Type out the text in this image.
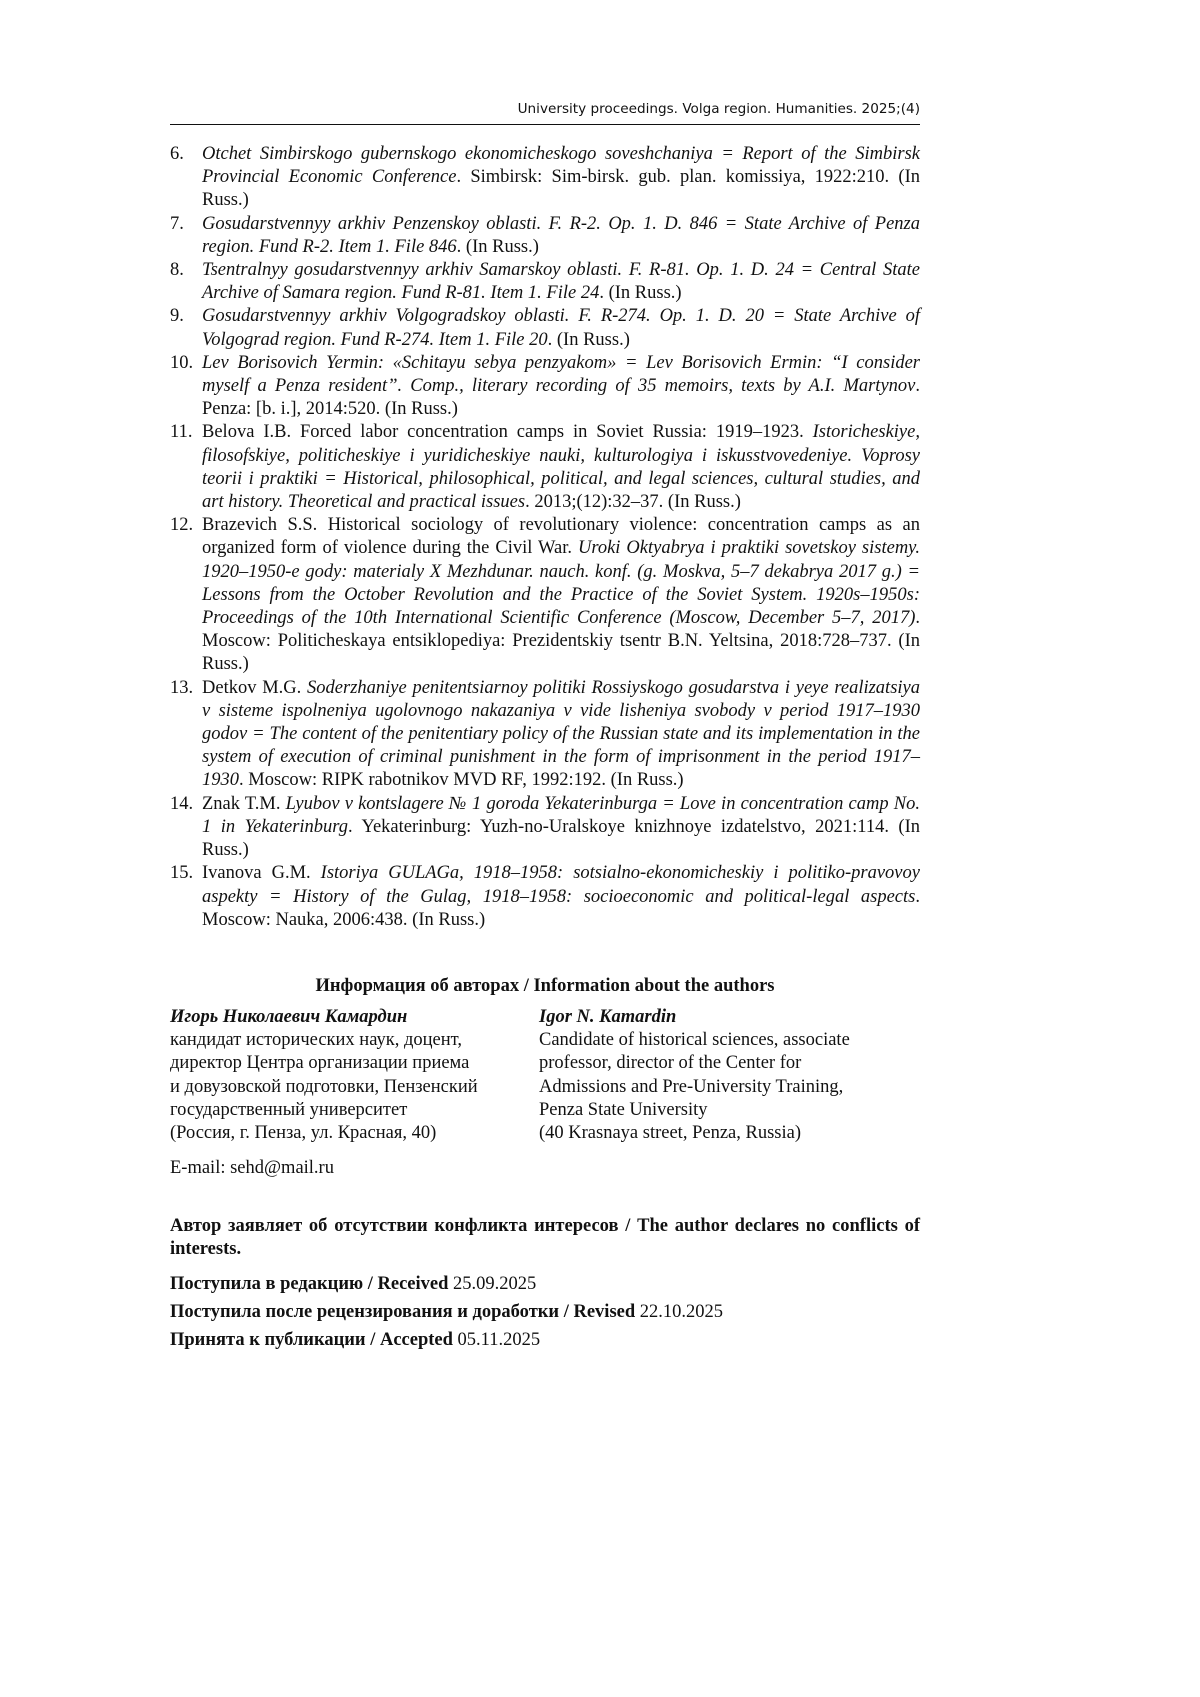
University proceedings. Volga region. Humanities. 2025;(4)
6. Otchet Simbirskogo gubernskogo ekonomicheskogo soveshchaniya = Report of the Simbirsk Provincial Economic Conference. Simbirsk: Sim-birsk. gub. plan. komissiya, 1922:210. (In Russ.)
7. Gosudarstvennyy arkhiv Penzenskoy oblasti. F. R-2. Op. 1. D. 846 = State Archive of Penza region. Fund R-2. Item 1. File 846. (In Russ.)
8. Tsentralnyy gosudarstvennyy arkhiv Samarskoy oblasti. F. R-81. Op. 1. D. 24 = Central State Archive of Samara region. Fund R-81. Item 1. File 24. (In Russ.)
9. Gosudarstvennyy arkhiv Volgogradskoy oblasti. F. R-274. Op. 1. D. 20 = State Archive of Volgograd region. Fund R-274. Item 1. File 20. (In Russ.)
10. Lev Borisovich Yermin: «Schitayu sebya penzyakom» = Lev Borisovich Ermin: “I consider myself a Penza resident”. Comp., literary recording of 35 memoirs, texts by A.I. Martynov. Penza: [b. i.], 2014:520. (In Russ.)
11. Belova I.B. Forced labor concentration camps in Soviet Russia: 1919–1923. Istoricheskiye, filosofskiye, politicheskiye i yuridicheskiye nauki, kulturologiya i iskusstvovedeniye. Voprosy teorii i praktiki = Historical, philosophical, political, and legal sciences, cultural studies, and art history. Theoretical and practical issues. 2013;(12):32–37. (In Russ.)
12. Brazevich S.S. Historical sociology of revolutionary violence: concentration camps as an organized form of violence during the Civil War. Uroki Oktyabrya i praktiki sovetskoy sistemy. 1920–1950-e gody: materialy X Mezhdunar. nauch. konf. (g. Moskva, 5–7 dekabrya 2017 g.) = Lessons from the October Revolution and the Practice of the Soviet System. 1920s–1950s: Proceedings of the 10th International Scientific Conference (Moscow, December 5–7, 2017). Moscow: Politicheskaya entsiklopediya: Prezidentskiy tsentr B.N. Yeltsina, 2018:728–737. (In Russ.)
13. Detkov M.G. Soderzhaniye penitentsiarnoy politiki Rossiyskogo gosudarstva i yeye realizatsiya v sisteme ispolneniya ugolovnogo nakazaniya v vide lisheniya svobody v period 1917–1930 godov = The content of the penitentiary policy of the Russian state and its implementation in the system of execution of criminal punishment in the form of imprisonment in the period 1917–1930. Moscow: RIPK rabotnikov MVD RF, 1992:192. (In Russ.)
14. Znak T.M. Lyubov v kontslagere № 1 goroda Yekaterinburga = Love in concentration camp No. 1 in Yekaterinburg. Yekaterinburg: Yuzh-no-Uralskoye knizhnoye izdatelstvo, 2021:114. (In Russ.)
15. Ivanova G.M. Istoriya GULAGa, 1918–1958: sotsialno-ekonomicheskiy i politiko-pravovoy aspekty = History of the Gulag, 1918–1958: socioeconomic and political-legal aspects. Moscow: Nauka, 2006:438. (In Russ.)
Информация об авторах / Information about the authors
Игорь Николаевич Камардин
кандидат исторических наук, доцент,
директор Центра организации приема
и довузовской подготовки, Пензенский
государственный университет
(Россия, г. Пенза, ул. Красная, 40)
Igor N. Kamardin
Candidate of historical sciences, associate
professor, director of the Center for
Admissions and Pre-University Training,
Penza State University
(40 Krasnaya street, Penza, Russia)
E-mail: sehd@mail.ru
Автор заявляет об отсутствии конфликта интересов / The author declares no conflicts of interests.
Поступила в редакцию / Received 25.09.2025
Поступила после рецензирования и доработки / Revised 22.10.2025
Принята к публикации / Accepted 05.11.2025
